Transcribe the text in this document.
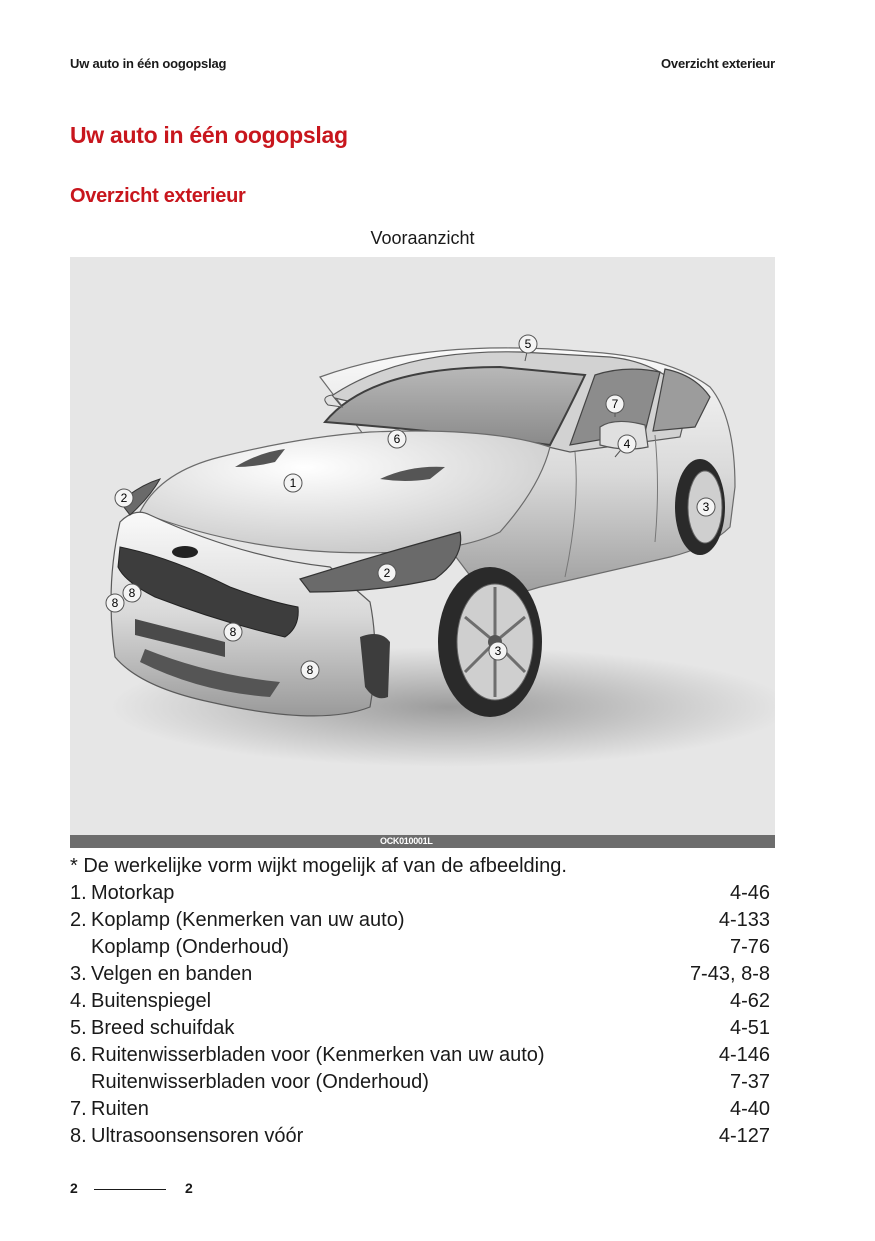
Uw auto in één oogopslag	Overzicht exterieur
Uw auto in één oogopslag
Overzicht exterieur
Vooraanzicht
5
7
4
6
1
2
3
2
8
8
8
3
8
OCK010001L
* De werkelijke vorm wijkt mogelijk af van de afbeelding.
1. Motorkap	4-46
2. Koplamp (Kenmerken van uw auto)	4-133
Koplamp (Onderhoud)	7-76
3. Velgen en banden	7-43, 8-8
4. Buitenspiegel	4-62
5. Breed schuifdak	4-51
6. Ruitenwisserbladen voor (Kenmerken van uw auto)	4-146
Ruitenwisserbladen voor (Onderhoud)	7-37
7. Ruiten	4-40
8. Ultrasoonsensoren vóór	4-127
2	2
